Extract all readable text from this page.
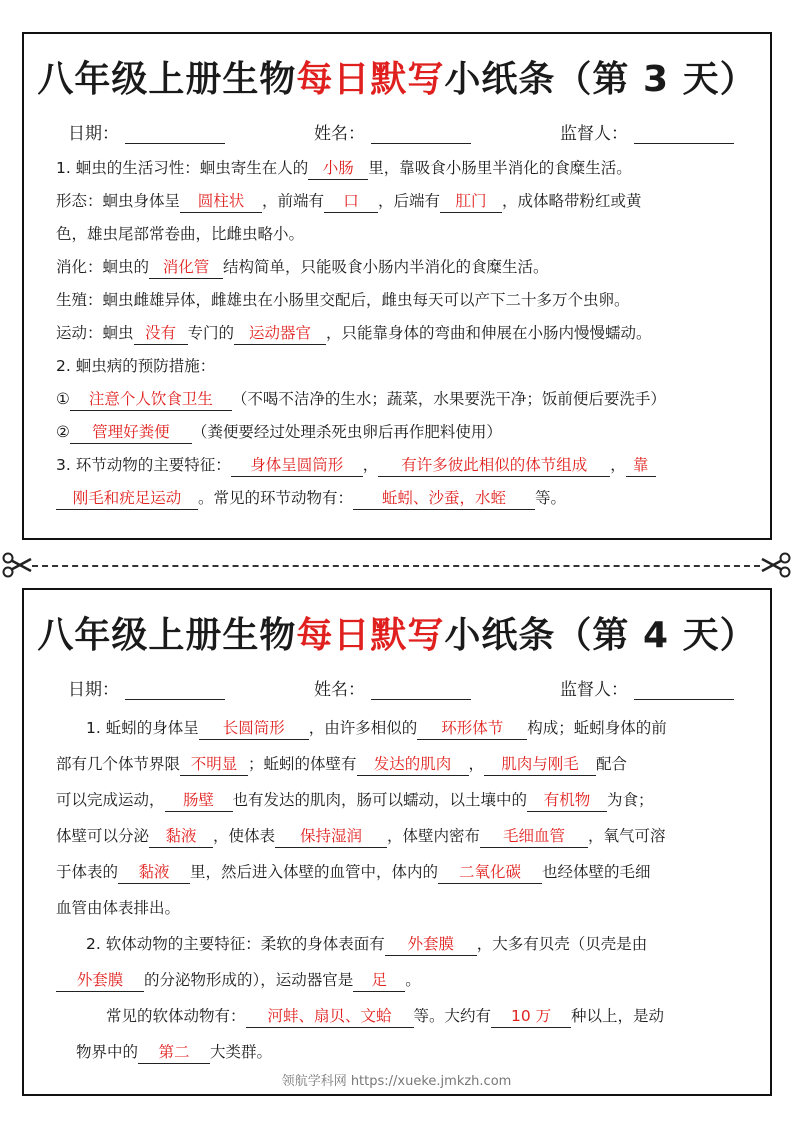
八年级上册生物每日默写小纸条（第 3 天）
日期：	姓名：	监督人：
1. 蛔虫的生活习性：蛔虫寄生在人的 小肠 里，靠吸食小肠里半消化的食糜生活。
形态：蛔虫身体呈 圆柱状 ，前端有 口 ，后端有 肛门 ，成体略带粉红或黄
色，雄虫尾部常卷曲，比雌虫略小。
消化：蛔虫的 消化管 结构简单，只能吸食小肠内半消化的食糜生活。
生殖：蛔虫雌雄异体，雌雄虫在小肠里交配后，雌虫每天可以产下二十多万个虫卵。
运动：蛔虫 没有 专门的 运动器官 ，只能靠身体的弯曲和伸展在小肠内慢慢蠕动。
2. 蛔虫病的预防措施：
① 注意个人饮食卫生 （不喝不洁净的生水；蔬菜，水果要洗干净；饭前便后要洗手）
② 管理好粪便 （粪便要经过处理杀死虫卵后再作肥料使用）
3. 环节动物的主要特征： 身体呈圆筒形 ， 有许多彼此相似的体节组成 ， 靠
刚毛和疣足运动 。常见的环节动物有： 蚯蚓、沙蚕，水蛭 等。
八年级上册生物每日默写小纸条（第 4 天）
日期：	姓名：	监督人：
1. 蚯蚓的身体呈 长圆筒形 ，由许多相似的 环形体节 构成；蚯蚓身体的前
部有几个体节界限 不明显 ；蚯蚓的体壁有 发达的肌肉 ， 肌肉与刚毛 配合
可以完成运动， 肠壁 也有发达的肌肉，肠可以蠕动，以土壤中的 有机物 为食；
体壁可以分泌 黏液 ，使体表 保持湿润 ，体壁内密布 毛细血管 ，氧气可溶
于体表的 黏液 里，然后进入体壁的血管中，体内的 二氧化碳 也经体壁的毛细
血管由体表排出。
2. 软体动物的主要特征：柔软的身体表面有 外套膜 ，大多有贝壳（贝壳是由
外套膜 的分泌物形成的），运动器官是 足 。
常见的软体动物有： 河蚌、扇贝、文蛤 等。大约有 10 万 种以上，是动
物界中的 第二 大类群。
领航学科网 https://xueke.jmkzh.com
